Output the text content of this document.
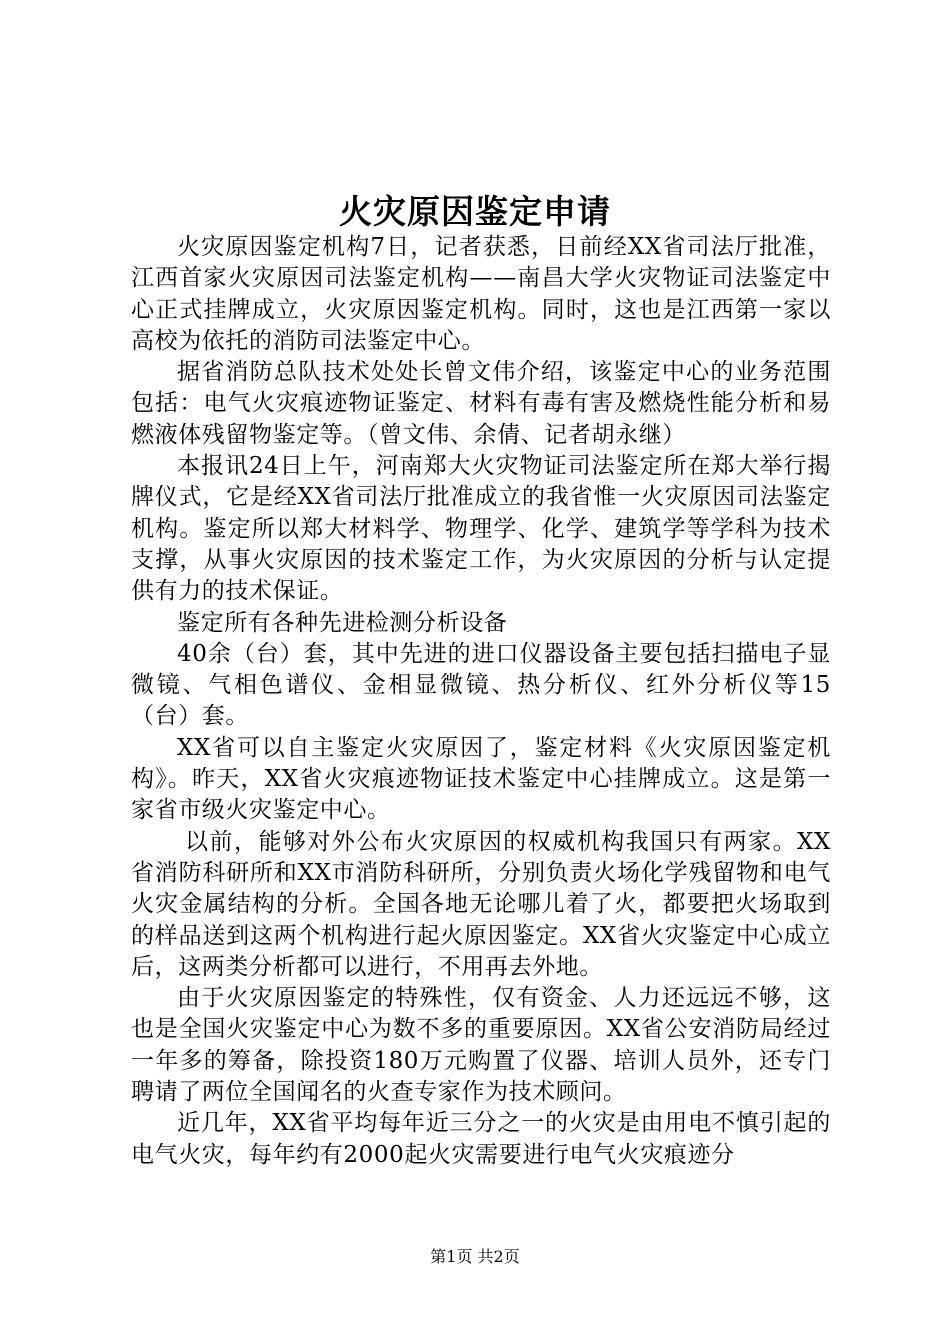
火灾原因鉴定申请

火灾原因鉴定机构7日，记者获悉，日前经XX省司法厅批准，江西首家火灾原因司法鉴定机构——南昌大学火灾物证司法鉴定中心正式挂牌成立，火灾原因鉴定机构。同时，这也是江西第一家以高校为依托的消防司法鉴定中心。

据省消防总队技术处处长曾文伟介绍，该鉴定中心的业务范围包括：电气火灾痕迹物证鉴定、材料有毒有害及燃烧性能分析和易燃液体残留物鉴定等。（曾文伟、余倩、记者胡永继）

本报讯24日上午，河南郑大火灾物证司法鉴定所在郑大举行揭牌仪式，它是经XX省司法厅批准成立的我省惟一火灾原因司法鉴定机构。鉴定所以郑大材料学、物理学、化学、建筑学等学科为技术支撑，从事火灾原因的技术鉴定工作，为火灾原因的分析与认定提供有力的技术保证。

鉴定所有各种先进检测分析设备

40余（台）套，其中先进的进口仪器设备主要包括扫描电子显微镜、气相色谱仪、金相显微镜、热分析仪、红外分析仪等15（台）套。

XX省可以自主鉴定火灾原因了，鉴定材料《火灾原因鉴定机构》。昨天，XX省火灾痕迹物证技术鉴定中心挂牌成立。这是第一家省市级火灾鉴定中心。

以前，能够对外公布火灾原因的权威机构我国只有两家。XX省消防科研所和XX市消防科研所，分别负责火场化学残留物和电气火灾金属结构的分析。全国各地无论哪儿着了火，都要把火场取到的样品送到这两个机构进行起火原因鉴定。XX省火灾鉴定中心成立后，这两类分析都可以进行，不用再去外地。

由于火灾原因鉴定的特殊性，仅有资金、人力还远远不够，这也是全国火灾鉴定中心为数不多的重要原因。XX省公安消防局经过一年多的筹备，除投资180万元购置了仪器、培训人员外，还专门聘请了两位全国闻名的火查专家作为技术顾问。

近几年，XX省平均每年近三分之一的火灾是由用电不慎引起的电气火灾，每年约有2000起火灾需要进行电气火灾痕迹分

第1页 共2页
